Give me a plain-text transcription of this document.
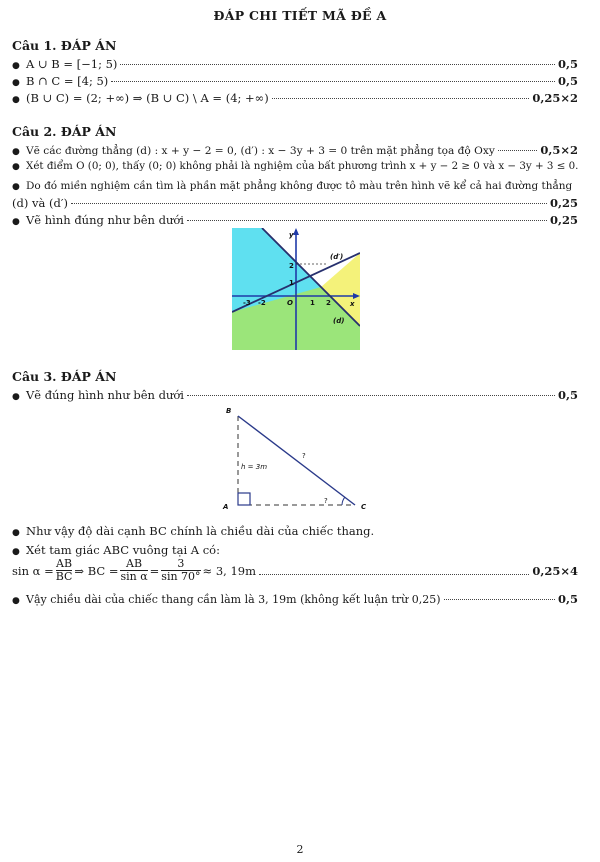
ĐÁP CHI TIẾT MÃ ĐỀ A
Câu 1. ĐÁP ÁN
● A ∪ B = [−1; 5)	0,5
● B ∩ C = [4; 5)	0,5
● (B ∪ C) = (2; +∞) ⇒ (B ∪ C) \ A = (4; +∞)	0,25×2
Câu 2. ĐÁP ÁN
● Vẽ các đường thẳng (d) : x + y − 2 = 0, (d′) : x − 3y + 3 = 0 trên mặt phẳng tọa độ Oxy	0,5×2
● Xét điểm O (0; 0), thấy (0; 0) không phải là nghiệm của bất phương trình x + y − 2 ≥ 0 và x − 3y + 3 ≤ 0.
● Do đó miền nghiệm cần tìm là phần mặt phẳng không được tô màu trên hình vẽ kể cả hai đường thẳng
(d) và (d′)	0,25
● Vẽ hình đúng như bên dưới	0,25
y
x
O
-3 -2	1 2
2
1
(d)
(d′)
Câu 3. ĐÁP ÁN
● Vẽ đúng hình như bên dưới	0,5
B
A	C
h = 3m
?
?
● Như vậy độ dài cạnh BC chính là chiều dài của chiếc thang.
● Xét tam giác ABC vuông tại A có:
$\sin \alpha = \frac{AB}{BC}$ ⇒ BC = $\frac{AB}{\text{sin α}} = \frac{3}{\sin 70^\circ} \approx 3$, 19m	0,25×4
● Vậy chiều dài của chiếc thang cần làm là 3, 19m (không kết luận trừ 0,25)	0,5
2
